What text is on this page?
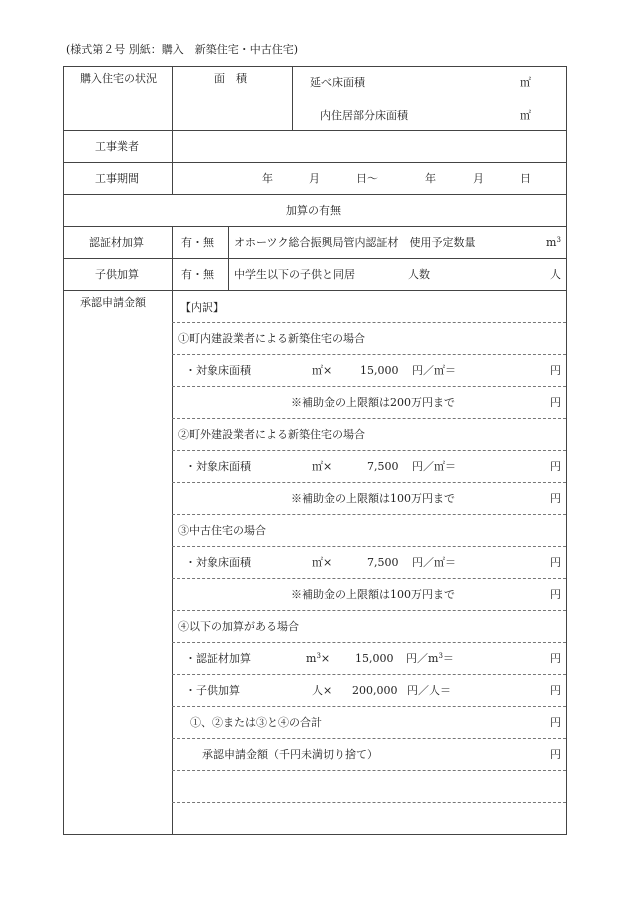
(様式第２号 別紙：購入　新築住宅・中古住宅)
購入住宅の状況	面　積	延べ床面積	㎡
内住居部分床面積	㎡
工事業者
工事期間	年	月	日～	年	月	日
加算の有無
認証材加算	有・無 オホーツク総合振興局管内認証材　使用予定数量	$m^3$
子供加算	有・無 中学生以下の子供と同居	人数	人
承認申請金額	【内訳】
①町内建設業者による新築住宅の場合
・対象床面積	㎡×	15,000 円／㎡＝	円
※補助金の上限額は200万円まで	円
②町外建設業者による新築住宅の場合
・対象床面積	㎡×	7,500 円／㎡＝	円
※補助金の上限額は100万円まで	円
③中古住宅の場合
・対象床面積	㎡×	7,500 円／㎡＝	円
※補助金の上限額は100万円まで	円
④以下の加算がある場合
・認証材加算	$m^3\times 15,000$ 円$/m^3=$	円
・子供加算	人× 200,000 円／人＝	円
①、②または③と④の合計	円
承認申請金額（千円未満切り捨て）	円
